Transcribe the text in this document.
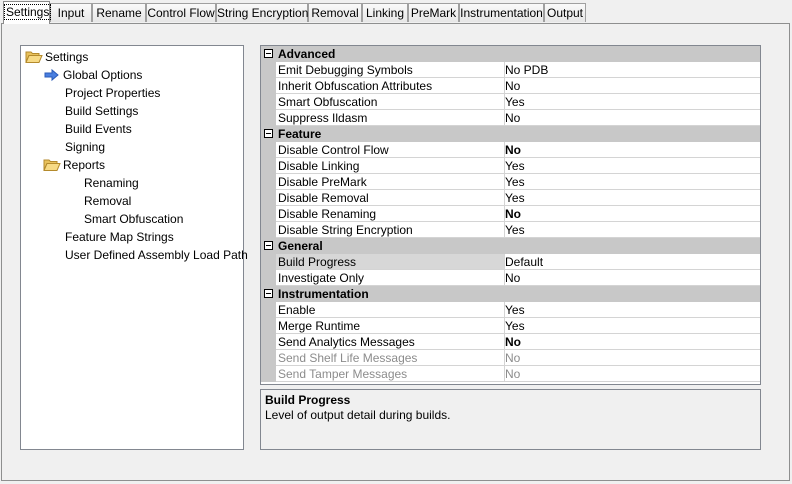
Settings Input Rename Control Flow String Encryption Removal Linking PreMark Instrumentation Output
Settings
Global Options
Project Properties
Build Settings
Build Events
Signing
Reports
Renaming
Removal
Smart Obfuscation
Feature Map Strings
User Defined Assembly Load Path
Advanced
Emit Debugging Symbols	No PDB
Inherit Obfuscation Attributes	No
Smart Obfuscation	Yes
Suppress Ildasm	No
Feature
Disable Control Flow	No
Disable Linking	Yes
Disable PreMark	Yes
Disable Removal	Yes
Disable Renaming	No
Disable String Encryption	Yes
General
Build Progress	Default
Investigate Only	No
Instrumentation
Enable	Yes
Merge Runtime	Yes
Send Analytics Messages	No
Send Shelf Life Messages	No
Send Tamper Messages	No
Build Progress
Level of output detail during builds.
